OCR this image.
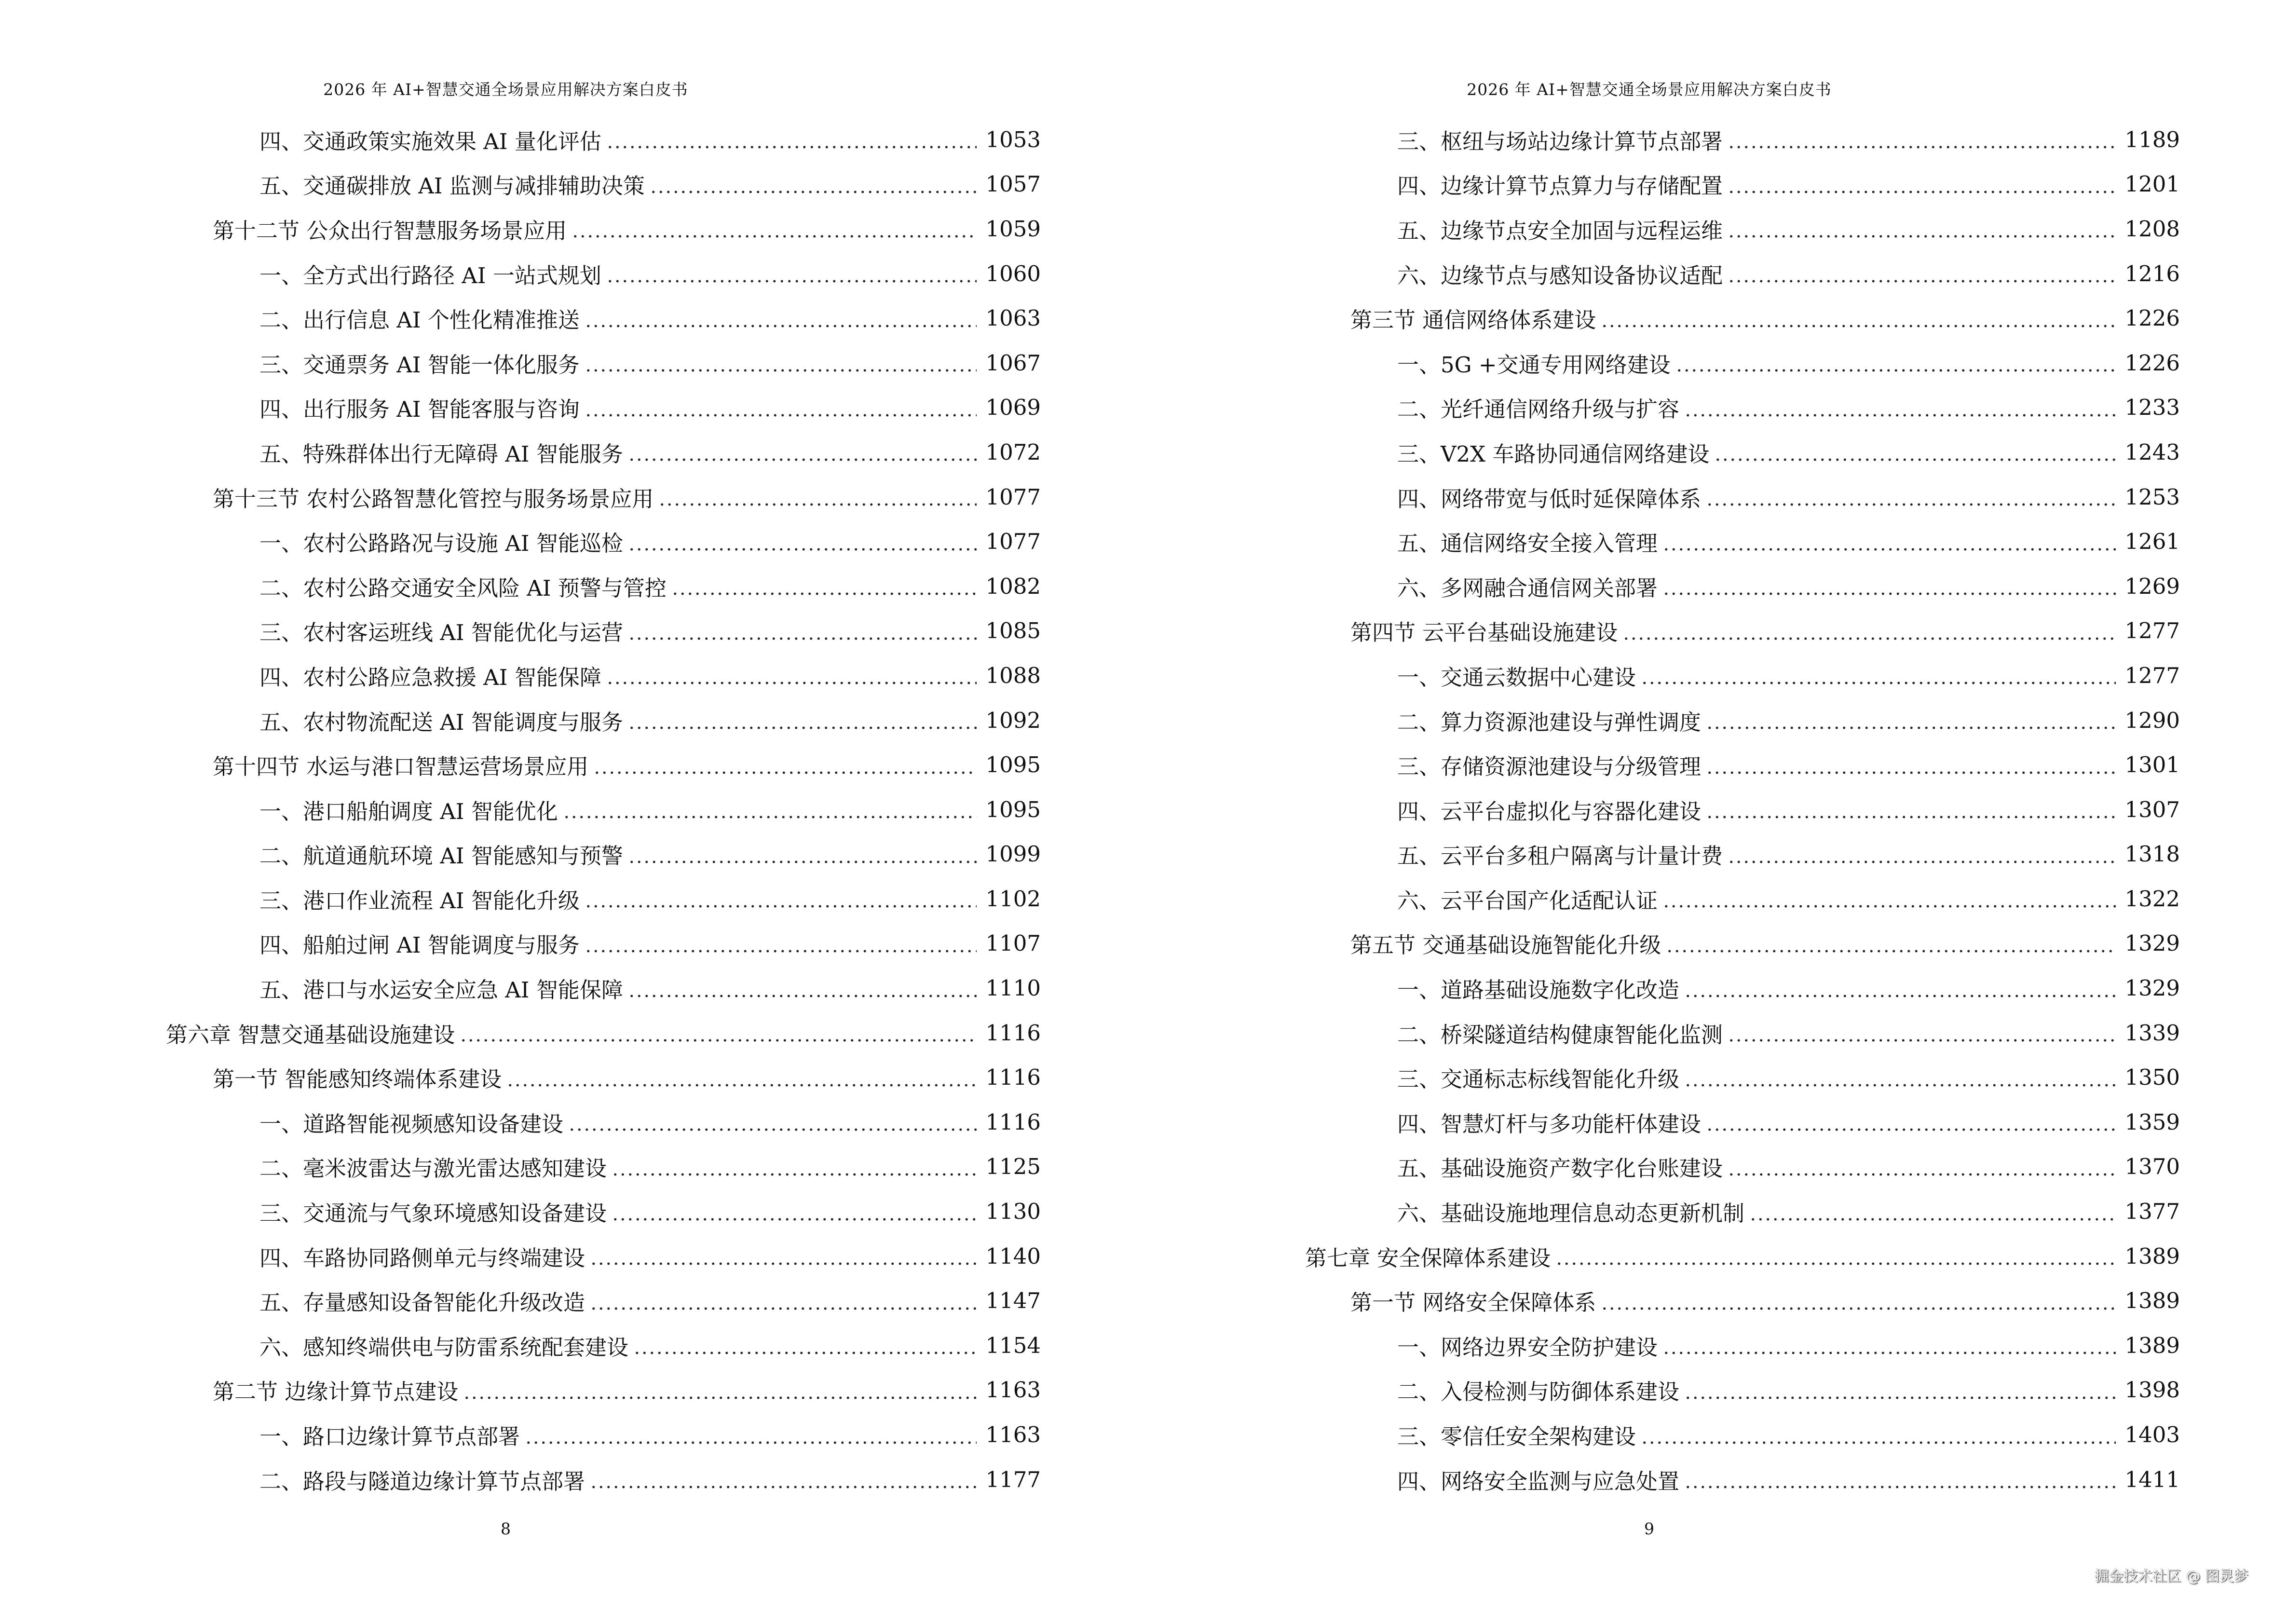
2026 年 AI+智慧交通全场景应用解决方案白皮书
四、交通政策实施效果 AI 量化评估	1053
五、交通碳排放 AI 监测与减排辅助决策	1057
第十二节 公众出行智慧服务场景应用	1059
一、全方式出行路径 AI 一站式规划	1060
二、出行信息 AI 个性化精准推送	1063
三、交通票务 AI 智能一体化服务	1067
四、出行服务 AI 智能客服与咨询	1069
五、特殊群体出行无障碍 AI 智能服务	1072
第十三节 农村公路智慧化管控与服务场景应用	1077
一、农村公路路况与设施 AI 智能巡检	1077
二、农村公路交通安全风险 AI 预警与管控	1082
三、农村客运班线 AI 智能优化与运营	1085
四、农村公路应急救援 AI 智能保障	1088
五、农村物流配送 AI 智能调度与服务	1092
第十四节 水运与港口智慧运营场景应用	1095
一、港口船舶调度 AI 智能优化	1095
二、航道通航环境 AI 智能感知与预警	1099
三、港口作业流程 AI 智能化升级	1102
四、船舶过闸 AI 智能调度与服务	1107
五、港口与水运安全应急 AI 智能保障	1110
第六章 智慧交通基础设施建设	1116
第一节 智能感知终端体系建设	1116
一、道路智能视频感知设备建设	1116
二、毫米波雷达与激光雷达感知建设	1125
三、交通流与气象环境感知设备建设	1130
四、车路协同路侧单元与终端建设	1140
五、存量感知设备智能化升级改造	1147
六、感知终端供电与防雷系统配套建设	1154
第二节 边缘计算节点建设	1163
一、路口边缘计算节点部署	1163
二、路段与隧道边缘计算节点部署	1177
8
2026 年 AI+智慧交通全场景应用解决方案白皮书
三、枢纽与场站边缘计算节点部署	1189
四、边缘计算节点算力与存储配置	1201
五、边缘节点安全加固与远程运维	1208
六、边缘节点与感知设备协议适配	1216
第三节 通信网络体系建设	1226
一、5G +交通专用网络建设	1226
二、光纤通信网络升级与扩容	1233
三、V2X 车路协同通信网络建设	1243
四、网络带宽与低时延保障体系	1253
五、通信网络安全接入管理	1261
六、多网融合通信网关部署	1269
第四节 云平台基础设施建设	1277
一、交通云数据中心建设	1277
二、算力资源池建设与弹性调度	1290
三、存储资源池建设与分级管理	1301
四、云平台虚拟化与容器化建设	1307
五、云平台多租户隔离与计量计费	1318
六、云平台国产化适配认证	1322
第五节 交通基础设施智能化升级	1329
一、道路基础设施数字化改造	1329
二、桥梁隧道结构健康智能化监测	1339
三、交通标志标线智能化升级	1350
四、智慧灯杆与多功能杆体建设	1359
五、基础设施资产数字化台账建设	1370
六、基础设施地理信息动态更新机制	1377
第七章 安全保障体系建设	1389
第一节 网络安全保障体系	1389
一、网络边界安全防护建设	1389
二、入侵检测与防御体系建设	1398
三、零信任安全架构建设	1403
四、网络安全监测与应急处置	1411
9
掘金技术社区 @ 图灵梦
